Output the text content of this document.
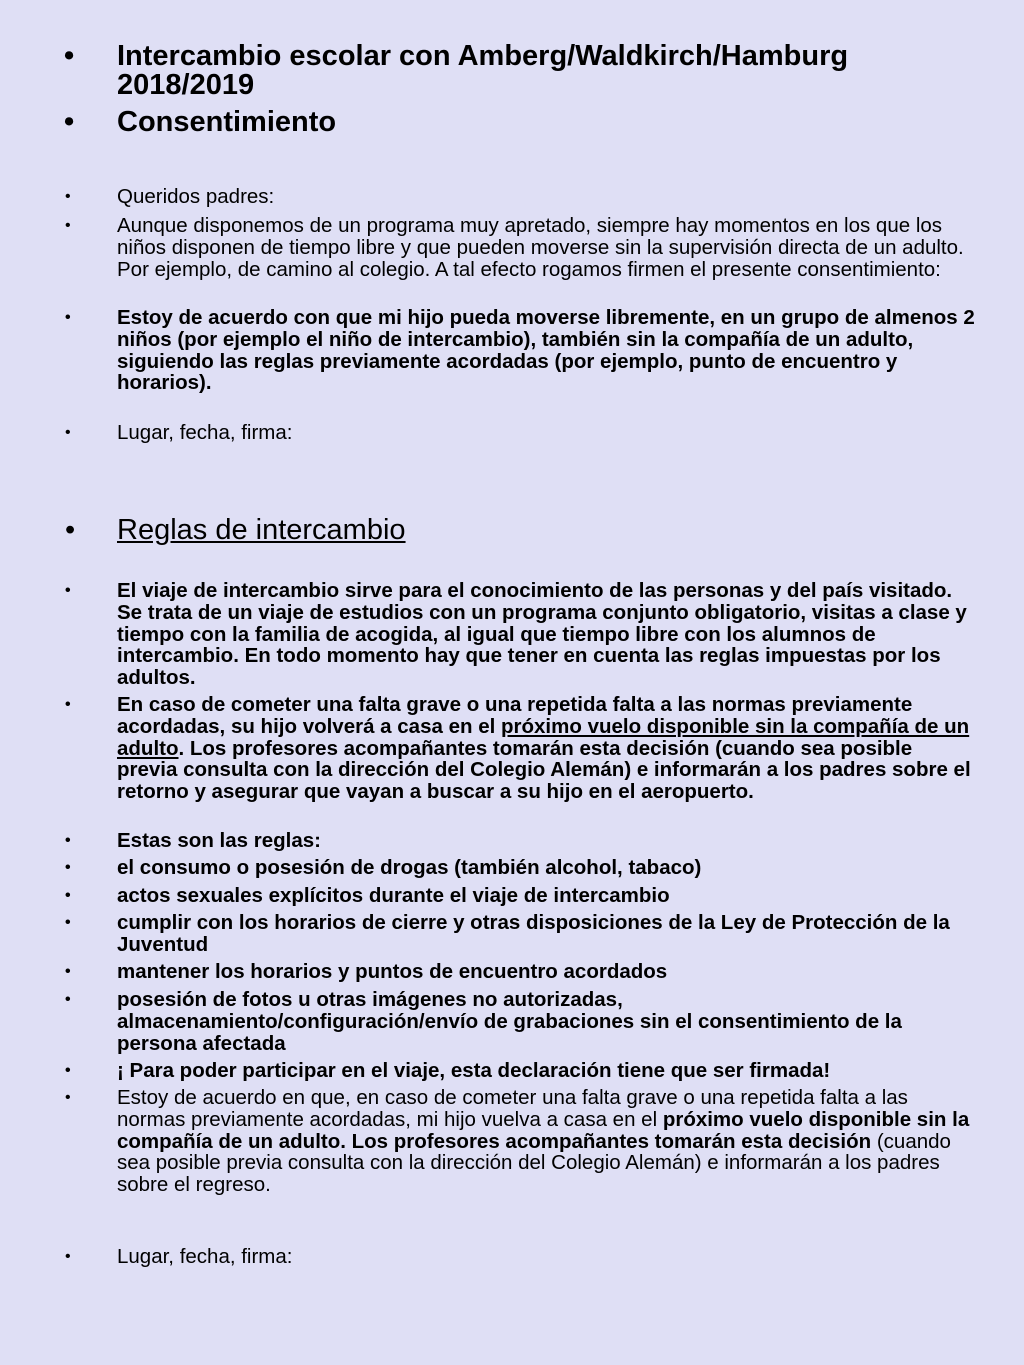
• Intercambio escolar con Amberg/Waldkirch/Hamburg
2018/2019
• Consentimiento
• Queridos padres:
• Aunque disponemos de un programa muy apretado, siempre hay momentos en los que los niños disponen de tiempo libre y que pueden moverse sin la supervisión directa de un adulto. Por ejemplo, de camino al colegio. A tal efecto rogamos firmen el presente consentimiento:
• Estoy de acuerdo con que mi hijo pueda moverse libremente, en un grupo de almenos 2 niños (por ejemplo el niño de intercambio), también sin la compañía de un adulto, siguiendo las reglas previamente acordadas (por ejemplo, punto de encuentro y horarios).
• Lugar, fecha, firma:
• Reglas de intercambio
• El viaje de intercambio sirve para el conocimiento de las personas y del país visitado. Se trata de un viaje de estudios con un programa conjunto obligatorio, visitas a clase y tiempo con la familia de acogida, al igual que tiempo libre con los alumnos de intercambio. En todo momento hay que tener en cuenta las reglas impuestas por los adultos.
• En caso de cometer una falta grave o una repetida falta a las normas previamente acordadas, su hijo volverá a casa en el próximo vuelo disponible sin la compañía de un adulto. Los profesores acompañantes tomarán esta decisión (cuando sea posible previa consulta con la dirección del Colegio Alemán) e informarán a los padres sobre el retorno y asegurar que vayan a buscar a su hijo en el aeropuerto.
• Estas son las reglas:
• el consumo o posesión de drogas (también alcohol, tabaco)
• actos sexuales explícitos durante el viaje de intercambio
• cumplir con los horarios de cierre y otras disposiciones de la Ley de Protección de la Juventud
• mantener los horarios y puntos de encuentro acordados
• posesión de fotos u otras imágenes no autorizadas, almacenamiento/configuración/envío de grabaciones sin el consentimiento de la persona afectada
• ¡ Para poder participar en el viaje, esta declaración tiene que ser firmada!
• Estoy de acuerdo en que, en caso de cometer una falta grave o una repetida falta a las normas previamente acordadas, mi hijo vuelva a casa en el próximo vuelo disponible sin la compañía de un adulto. Los profesores acompañantes tomarán esta decisión (cuando sea posible previa consulta con la dirección del Colegio Alemán) e informarán a los padres sobre el regreso.
• Lugar, fecha, firma:
